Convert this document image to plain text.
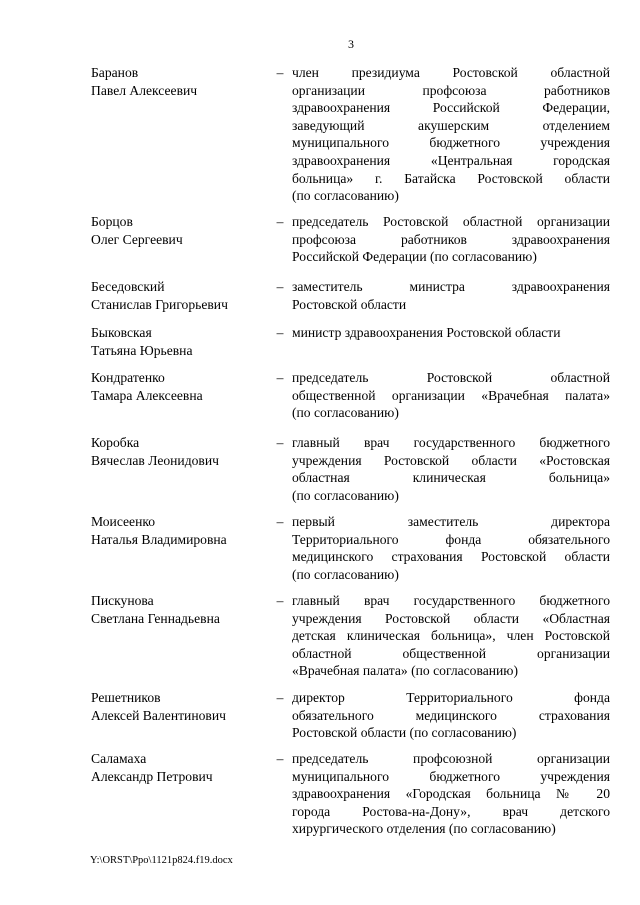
3
Баранов
Павел Алексеевич
– член президиума Ростовской областной
организации профсоюза работников
здравоохранения Российской Федерации,
заведующий акушерским отделением
муниципального бюджетного учреждения
здравоохранения «Центральная городская
больница» г. Батайска Ростовской области
(по согласованию)
Борцов
Олег Сергеевич
– председатель Ростовской областной организации
профсоюза работников здравоохранения
Российской Федерации (по согласованию)
Беседовский
Станислав Григорьевич
– заместитель министра здравоохранения
Ростовской области
Быковская
Татьяна Юрьевна
– министр здравоохранения Ростовской области
Кондратенко
Тамара Алексеевна
– председатель Ростовской областной
общественной организации «Врачебная палата»
(по согласованию)
Коробка
Вячеслав Леонидович
– главный врач государственного бюджетного
учреждения Ростовской области «Ростовская
областная клиническая больница»
(по согласованию)
Моисеенко
Наталья Владимировна
– первый заместитель директора
Территориального фонда обязательного
медицинского страхования Ростовской области
(по согласованию)
Пискунова
Светлана Геннадьевна
– главный врач государственного бюджетного
учреждения Ростовской области «Областная
детская клиническая больница», член Ростовской
областной общественной организации
«Врачебная палата» (по согласованию)
Решетников
Алексей Валентинович
– директор Территориального фонда
обязательного медицинского страхования
Ростовской области (по согласованию)
Саламаха
Александр Петрович
– председатель профсоюзной организации
муниципального бюджетного учреждения
здравоохранения «Городская больница № 20
города Ростова-на-Дону», врач детского
хирургического отделения (по согласованию)
Y:\ORST\Ppo\1121p824.f19.docx
